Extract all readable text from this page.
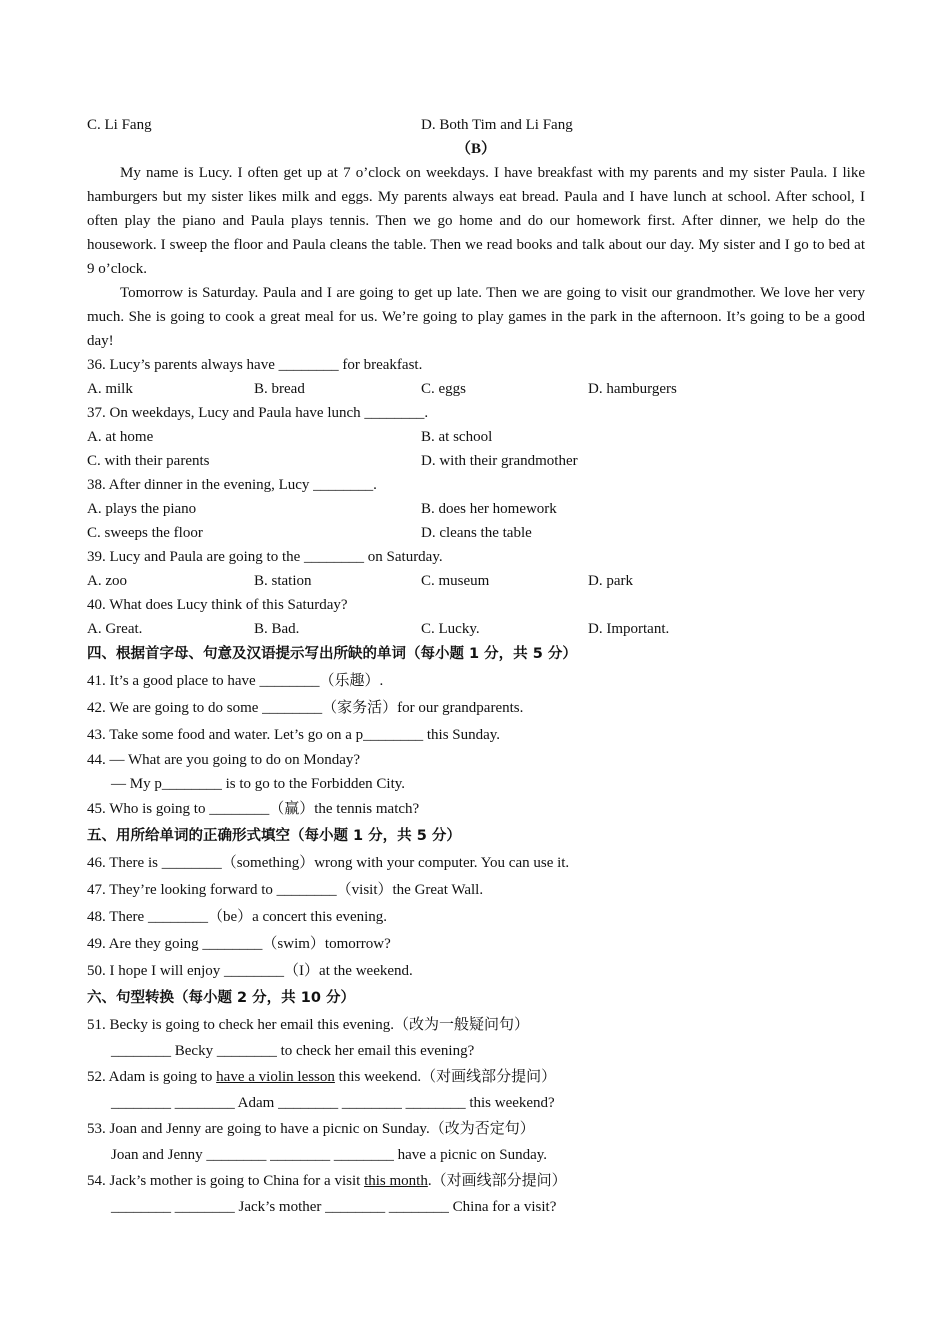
C. Li Fang	D. Both Tim and Li Fang
（B）
My name is Lucy. I often get up at 7 o’clock on weekdays. I have breakfast with my parents and my sister Paula. I like hamburgers but my sister likes milk and eggs. My parents always eat bread. Paula and I have lunch at school. After school, I often play the piano and Paula plays tennis. Then we go home and do our homework first. After dinner, we help do the housework. I sweep the floor and Paula cleans the table. Then we read books and talk about our day. My sister and I go to bed at 9 o’clock.
Tomorrow is Saturday. Paula and I are going to get up late. Then we are going to visit our grandmother. We love her very much. She is going to cook a great meal for us. We’re going to play games in the park in the afternoon. It’s going to be a good day!
36. Lucy’s parents always have ________ for breakfast.
A. milk	B. bread	C. eggs	D. hamburgers
37. On weekdays, Lucy and Paula have lunch ________.
A. at home	B. at school
C. with their parents	D. with their grandmother
38. After dinner in the evening, Lucy ________.
A. plays the piano	B. does her homework
C. sweeps the floor	D. cleans the table
39. Lucy and Paula are going to the ________ on Saturday.
A. zoo	B. station	C. museum	D. park
40. What does Lucy think of this Saturday?
A. Great.	B. Bad.	C. Lucky.	D. Important.
四、根据首字母、句意及汉语提示写出所缺的单词（每小题 1 分，共 5 分）
41. It’s a good place to have ________（乐趣）.
42. We are going to do some ________（家务活）for our grandparents.
43. Take some food and water. Let’s go on a p________ this Sunday.
44. — What are you going to do on Monday?
— My p________ is to go to the Forbidden City.
45. Who is going to ________（赢）the tennis match?
五、用所给单词的正确形式填空（每小题 1 分，共 5 分）
46. There is ________（something）wrong with your computer. You can use it.
47. They’re looking forward to ________（visit）the Great Wall.
48. There ________（be）a concert this evening.
49. Are they going ________（swim）tomorrow?
50. I hope I will enjoy ________（I）at the weekend.
六、句型转换（每小题 2 分，共 10 分）
51. Becky is going to check her email this evening.（改为一般疑问句）
________ Becky ________ to check her email this evening?
52. Adam is going to have a violin lesson this weekend.（对画线部分提问）
________ ________ Adam ________ ________ ________ this weekend?
53. Joan and Jenny are going to have a picnic on Sunday.（改为否定句）
Joan and Jenny ________ ________ ________ have a picnic on Sunday.
54. Jack’s mother is going to China for a visit this month.（对画线部分提问）
________ ________ Jack’s mother ________ ________ China for a visit?
